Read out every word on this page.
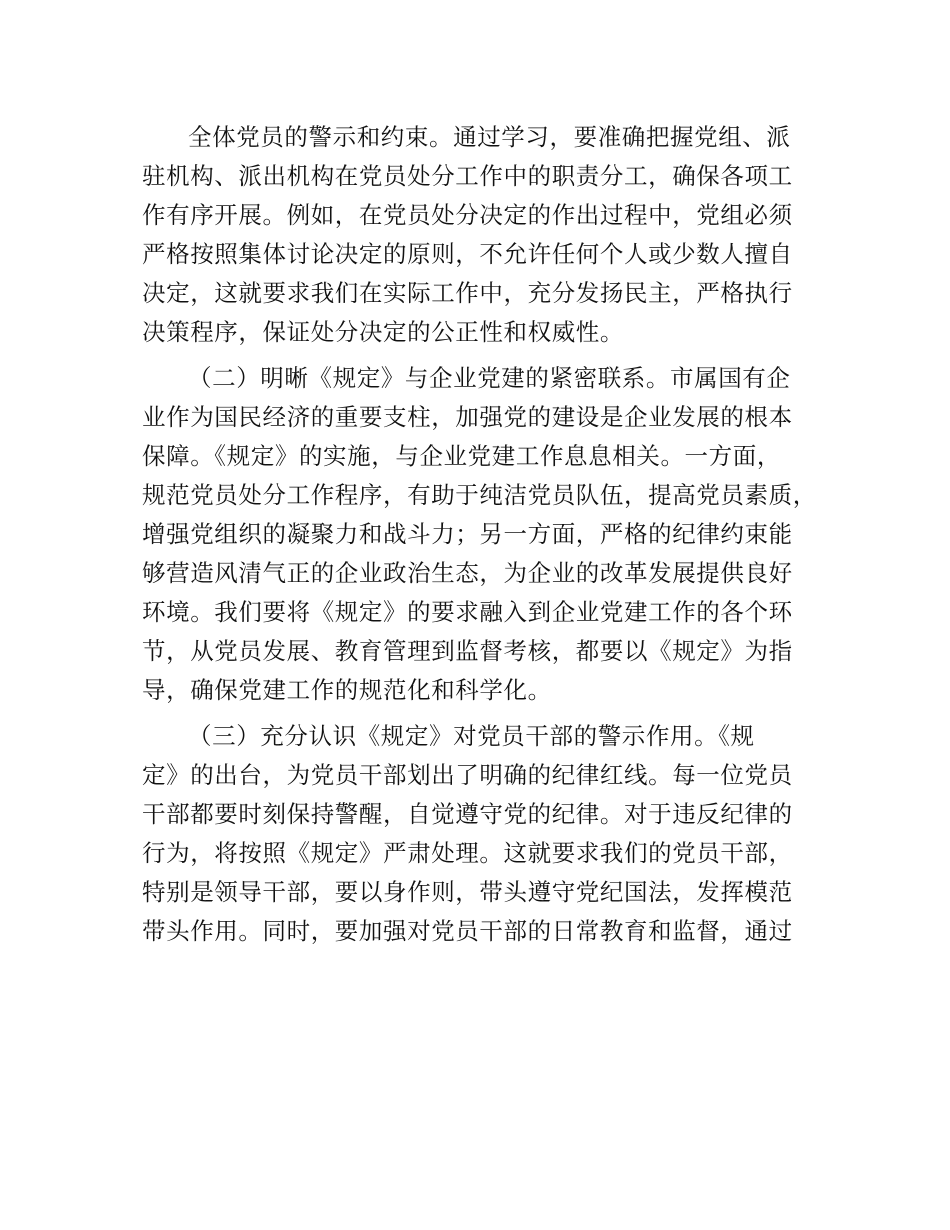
全体党员的警示和约束。通过学习，要准确把握党组、派
驻机构、派出机构在党员处分工作中的职责分工，确保各项工
作有序开展。例如，在党员处分决定的作出过程中，党组必须
严格按照集体讨论决定的原则，不允许任何个人或少数人擅自
决定，这就要求我们在实际工作中，充分发扬民主，严格执行
决策程序，保证处分决定的公正性和权威性。
（二）明晰《规定》与企业党建的紧密联系。市属国有企
业作为国民经济的重要支柱，加强党的建设是企业发展的根本
保障。《规定》的实施，与企业党建工作息息相关。一方面，
规范党员处分工作程序，有助于纯洁党员队伍，提高党员素质，
增强党组织的凝聚力和战斗力；另一方面，严格的纪律约束能
够营造风清气正的企业政治生态，为企业的改革发展提供良好
环境。我们要将《规定》的要求融入到企业党建工作的各个环
节，从党员发展、教育管理到监督考核，都要以《规定》为指
导，确保党建工作的规范化和科学化。
（三）充分认识《规定》对党员干部的警示作用。《规
定》的出台，为党员干部划出了明确的纪律红线。每一位党员
干部都要时刻保持警醒，自觉遵守党的纪律。对于违反纪律的
行为，将按照《规定》严肃处理。这就要求我们的党员干部，
特别是领导干部，要以身作则，带头遵守党纪国法，发挥模范
带头作用。同时，要加强对党员干部的日常教育和监督，通过
